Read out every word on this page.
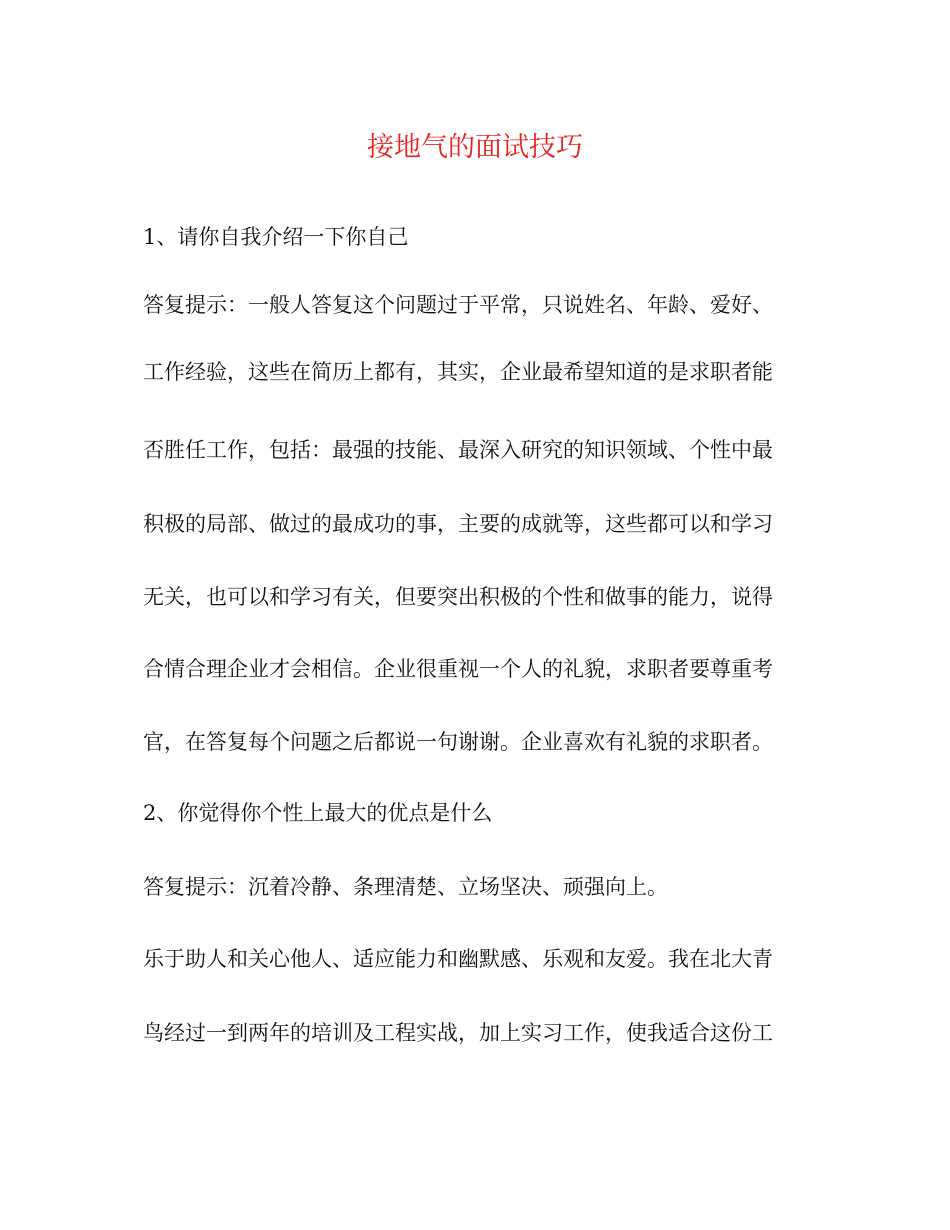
接地气的面试技巧

1、请你自我介绍一下你自己

答复提示：一般人答复这个问题过于平常，只说姓名、年龄、爱好、

工作经验，这些在简历上都有，其实，企业最希望知道的是求职者能

否胜任工作，包括：最强的技能、最深入研究的知识领域、个性中最

积极的局部、做过的最成功的事，主要的成就等，这些都可以和学习

无关，也可以和学习有关，但要突出积极的个性和做事的能力，说得

合情合理企业才会相信。企业很重视一个人的礼貌，求职者要尊重考

官，在答复每个问题之后都说一句谢谢。企业喜欢有礼貌的求职者。

2、你觉得你个性上最大的优点是什么

答复提示：沉着冷静、条理清楚、立场坚决、顽强向上。

乐于助人和关心他人、适应能力和幽默感、乐观和友爱。我在北大青

鸟经过一到两年的培训及工程实战，加上实习工作，使我适合这份工
